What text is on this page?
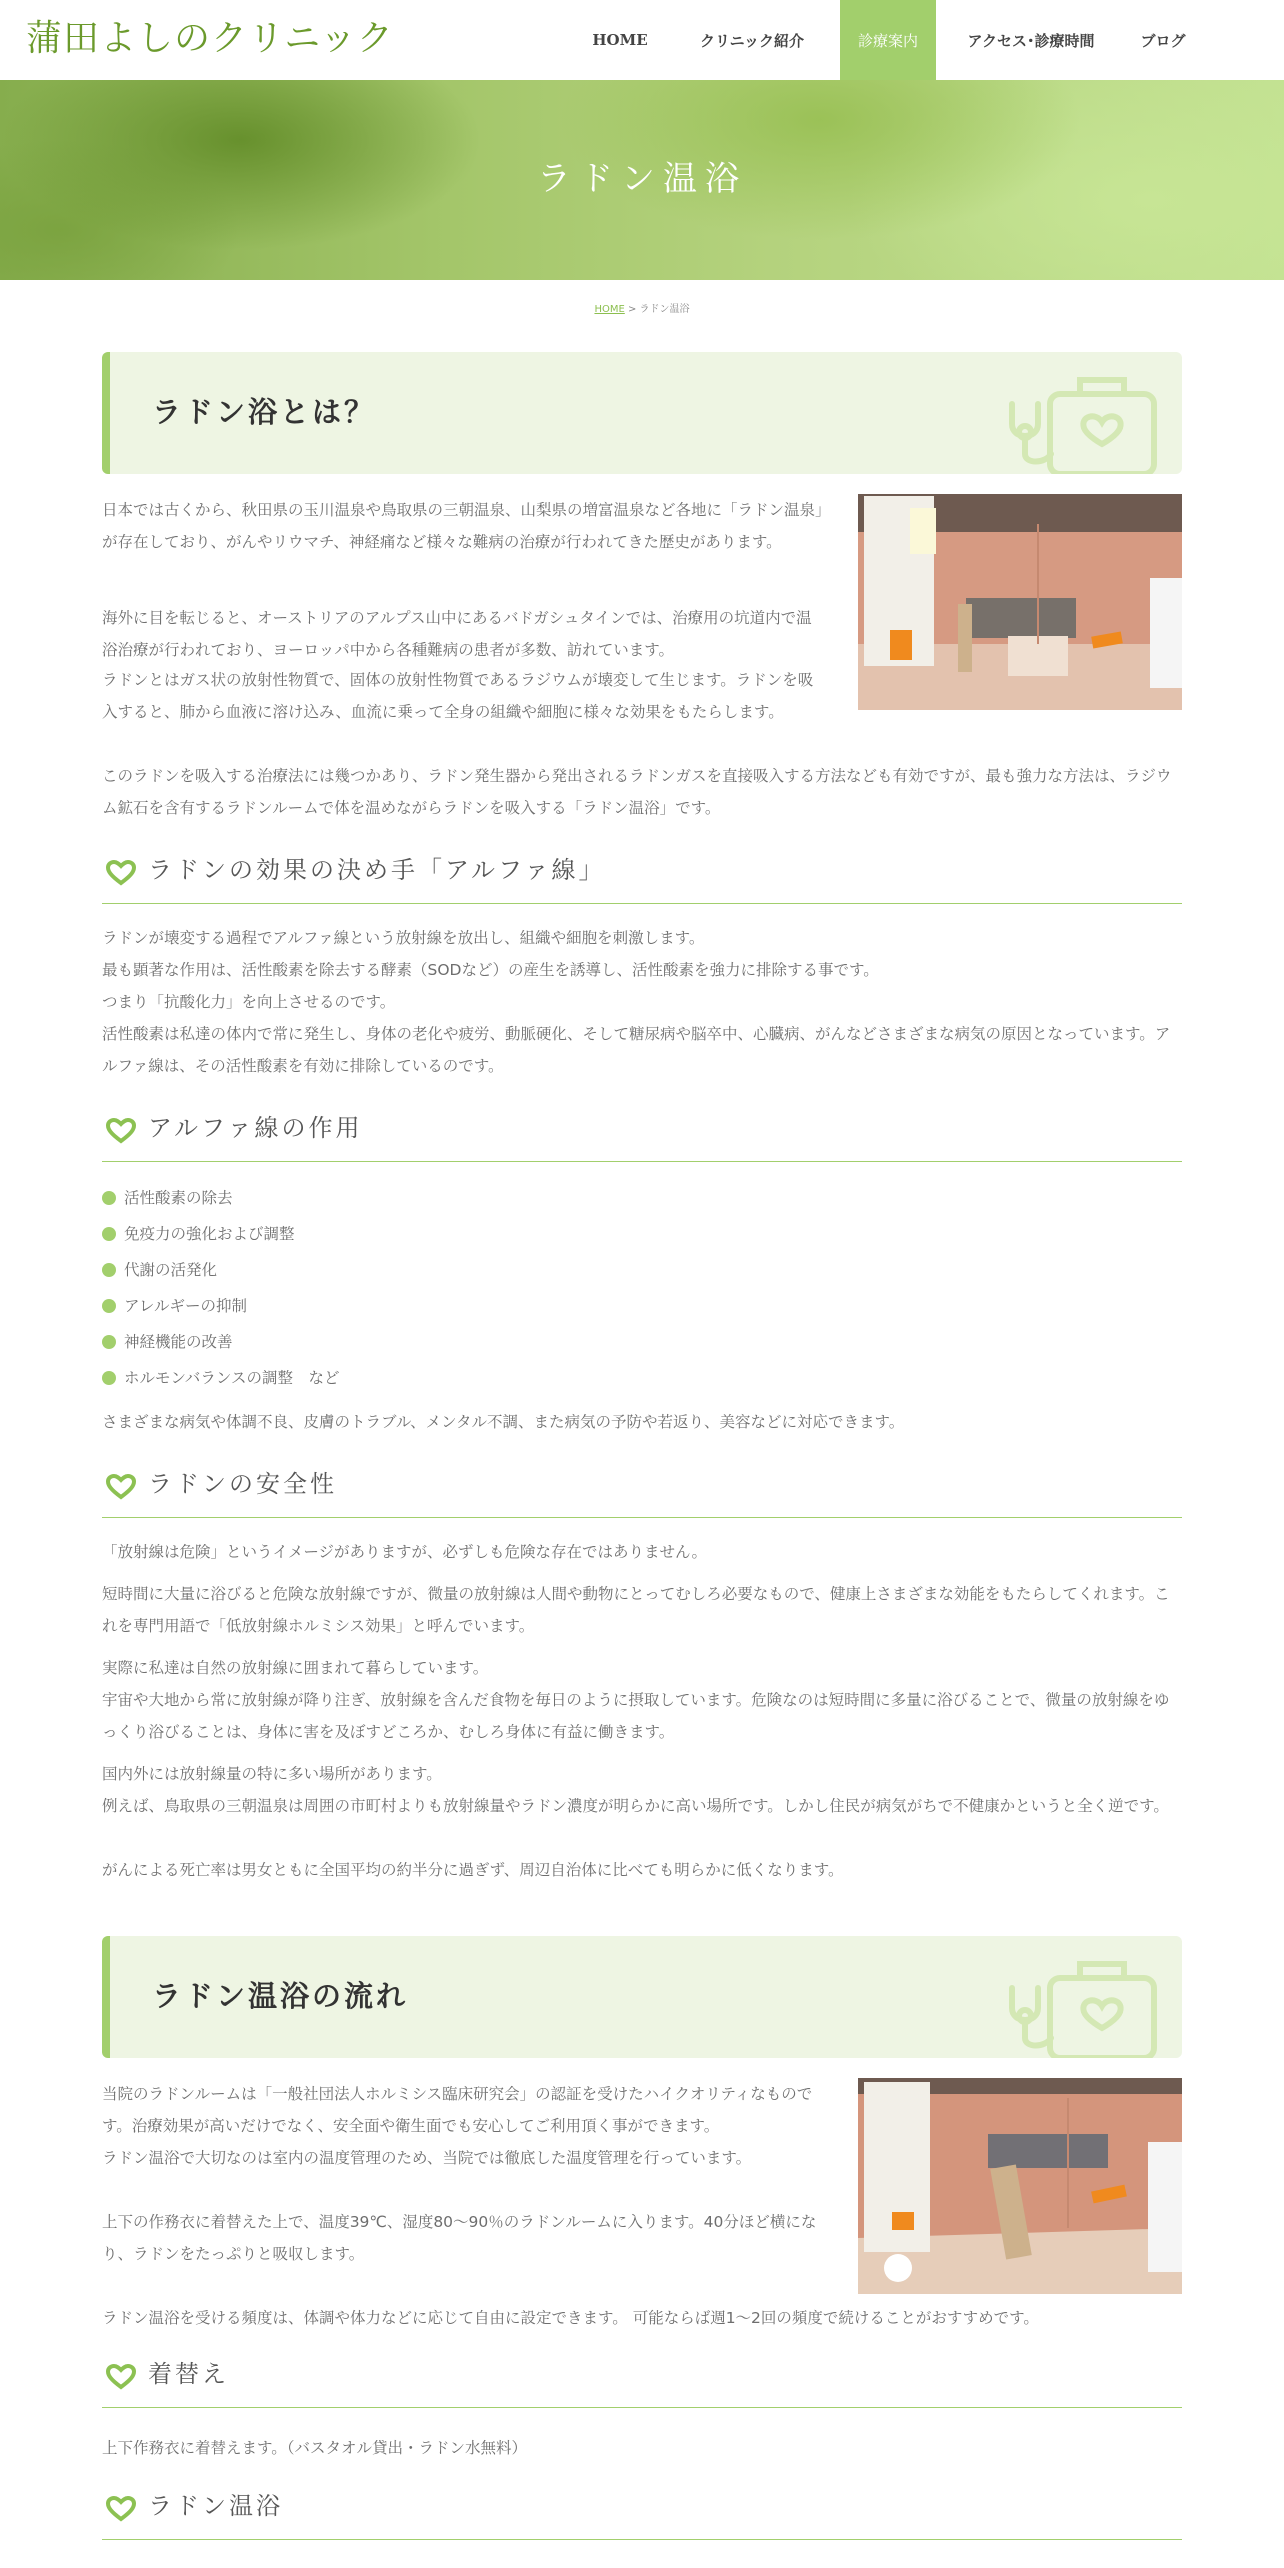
蒲田よしのクリニック	HOME	クリニック紹介	診療案内	アクセス･診療時間	ブログ
ラドン温浴
HOME > ラドン温浴
ラドン浴とは？
日本では古くから、秋田県の玉川温泉や鳥取県の三朝温泉、山梨県の増富温泉など各地に「ラドン温泉」が存在しており、がんやリウマチ、神経痛など様々な難病の治療が行われてきた歴史があります。
海外に目を転じると、オーストリアのアルプス山中にあるバドガシュタインでは、治療用の坑道内で温浴治療が行われており、ヨーロッパ中から各種難病の患者が多数、訪れています。
ラドンとはガス状の放射性物質で、固体の放射性物質であるラジウムが壊変して生じます。ラドンを吸入すると、肺から血液に溶け込み、血流に乗って全身の組織や細胞に様々な効果をもたらします。
このラドンを吸入する治療法には幾つかあり、ラドン発生器から発出されるラドンガスを直接吸入する方法なども有効ですが、最も強力な方法は、ラジウム鉱石を含有するラドンルームで体を温めながらラドンを吸入する「ラドン温浴」です。
ラドンの効果の決め手「アルファ線」
ラドンが壊変する過程でアルファ線という放射線を放出し、組織や細胞を刺激します。
最も顕著な作用は、活性酸素を除去する酵素（SODなど）の産生を誘導し、活性酸素を強力に排除する事です。
つまり「抗酸化力」を向上させるのです。
活性酸素は私達の体内で常に発生し、身体の老化や疲労、動脈硬化、そして糖尿病や脳卒中、心臓病、がんなどさまざまな病気の原因となっています。アルファ線は、その活性酸素を有効に排除しているのです。
アルファ線の作用
活性酸素の除去
免疫力の強化および調整
代謝の活発化
アレルギーの抑制
神経機能の改善
ホルモンバランスの調整　など
さまざまな病気や体調不良、皮膚のトラブル、メンタル不調、また病気の予防や若返り、美容などに対応できます。
ラドンの安全性
「放射線は危険」というイメージがありますが、必ずしも危険な存在ではありません。
短時間に大量に浴びると危険な放射線ですが、微量の放射線は人間や動物にとってむしろ必要なもので、健康上さまざまな効能をもたらしてくれます。これを専門用語で「低放射線ホルミシス効果」と呼んでいます。
実際に私達は自然の放射線に囲まれて暮らしています。
宇宙や大地から常に放射線が降り注ぎ、放射線を含んだ食物を毎日のように摂取しています。危険なのは短時間に多量に浴びることで、微量の放射線をゆっくり浴びることは、身体に害を及ぼすどころか、むしろ身体に有益に働きます。
国内外には放射線量の特に多い場所があります。
例えば、鳥取県の三朝温泉は周囲の市町村よりも放射線量やラドン濃度が明らかに高い場所です。しかし住民が病気がちで不健康かというと全く逆です。
がんによる死亡率は男女ともに全国平均の約半分に過ぎず、周辺自治体に比べても明らかに低くなります。
ラドン温浴の流れ
当院のラドンルームは「一般社団法人ホルミシス臨床研究会」の認証を受けたハイクオリティなものです。治療効果が高いだけでなく、安全面や衛生面でも安心してご利用頂く事ができます。
ラドン温浴で大切なのは室内の温度管理のため、当院では徹底した温度管理を行っています。
上下の作務衣に着替えた上で、温度39℃、湿度80～90％のラドンルームに入ります。40分ほど横になり、ラドンをたっぷりと吸収します。
ラドン温浴を受ける頻度は、体調や体力などに応じて自由に設定できます。 可能ならば週1～2回の頻度で続けることがおすすめです。
着替え
上下作務衣に着替えます。（バスタオル貸出・ラドン水無料）
ラドン温浴
